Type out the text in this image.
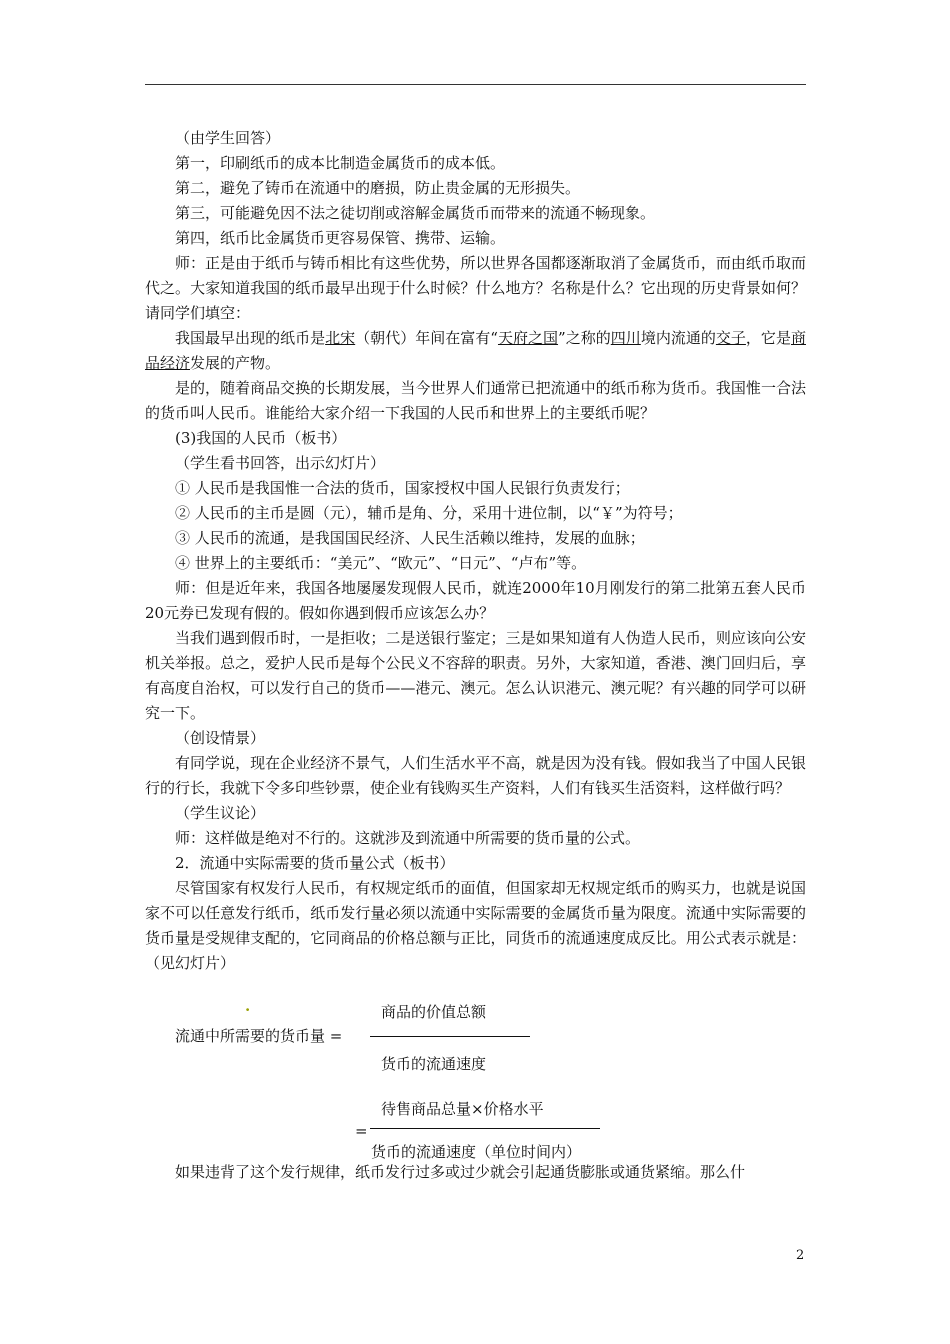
（由学生回答）

第一，印刷纸币的成本比制造金属货币的成本低。

第二，避免了铸币在流通中的磨损，防止贵金属的无形损失。

第三，可能避免因不法之徒切削或溶解金属货币而带来的流通不畅现象。

第四，纸币比金属货币更容易保管、携带、运输。

师：正是由于纸币与铸币相比有这些优势，所以世界各国都逐渐取消了金属货币，而由纸币取而代之。大家知道我国的纸币最早出现于什么时候？什么地方？名称是什么？它出现的历史背景如何？请同学们填空：

我国最早出现的纸币是北宋（朝代）年间在富有“天府之国”之称的四川境内流通的交子，它是商品经济发展的产物。

是的，随着商品交换的长期发展，当今世界人们通常已把流通中的纸币称为货币。我国惟一合法的货币叫人民币。谁能给大家介绍一下我国的人民币和世界上的主要纸币呢？

(3)我国的人民币（板书）

（学生看书回答，出示幻灯片）

① 人民币是我国惟一合法的货币，国家授权中国人民银行负责发行；

② 人民币的主币是圆（元），辅币是角、分，采用十进位制，以“￥”为符号；

③ 人民币的流通，是我国国民经济、人民生活赖以维持，发展的血脉；

④ 世界上的主要纸币：“美元”、“欧元”、“日元”、“卢布”等。

师：但是近年来，我国各地屡屡发现假人民币，就连2000年10月刚发行的第二批第五套人民币20元券已发现有假的。假如你遇到假币应该怎么办？

当我们遇到假币时，一是拒收；二是送银行鉴定；三是如果知道有人伪造人民币，则应该向公安机关举报。总之，爱护人民币是每个公民义不容辞的职责。另外，大家知道，香港、澳门回归后，享有高度自治权，可以发行自己的货币——港元、澳元。怎么认识港元、澳元呢？有兴趣的同学可以研究一下。

（创设情景）

有同学说，现在企业经济不景气，人们生活水平不高，就是因为没有钱。假如我当了中国人民银行的行长，我就下令多印些钞票，使企业有钱购买生产资料，人们有钱买生活资料，这样做行吗？

（学生议论）

师：这样做是绝对不行的。这就涉及到流通中所需要的货币量的公式。

2．流通中实际需要的货币量公式（板书）

尽管国家有权发行人民币，有权规定纸币的面值，但国家却无权规定纸币的购买力，也就是说国家不可以任意发行纸币，纸币发行量必须以流通中实际需要的金属货币量为限度。流通中实际需要的货币量是受规律支配的，它同商品的价格总额与正比，同货币的流通速度成反比。用公式表示就是：（见幻灯片）

.	商品的价值总额
流通中所需要的货币量 =
货币的流通速度
待售商品总量×价格水平
=
货币的流通速度（单位时间内）

如果违背了这个发行规律，纸币发行过多或过少就会引起通货膨胀或通货紧缩。那么什

2
